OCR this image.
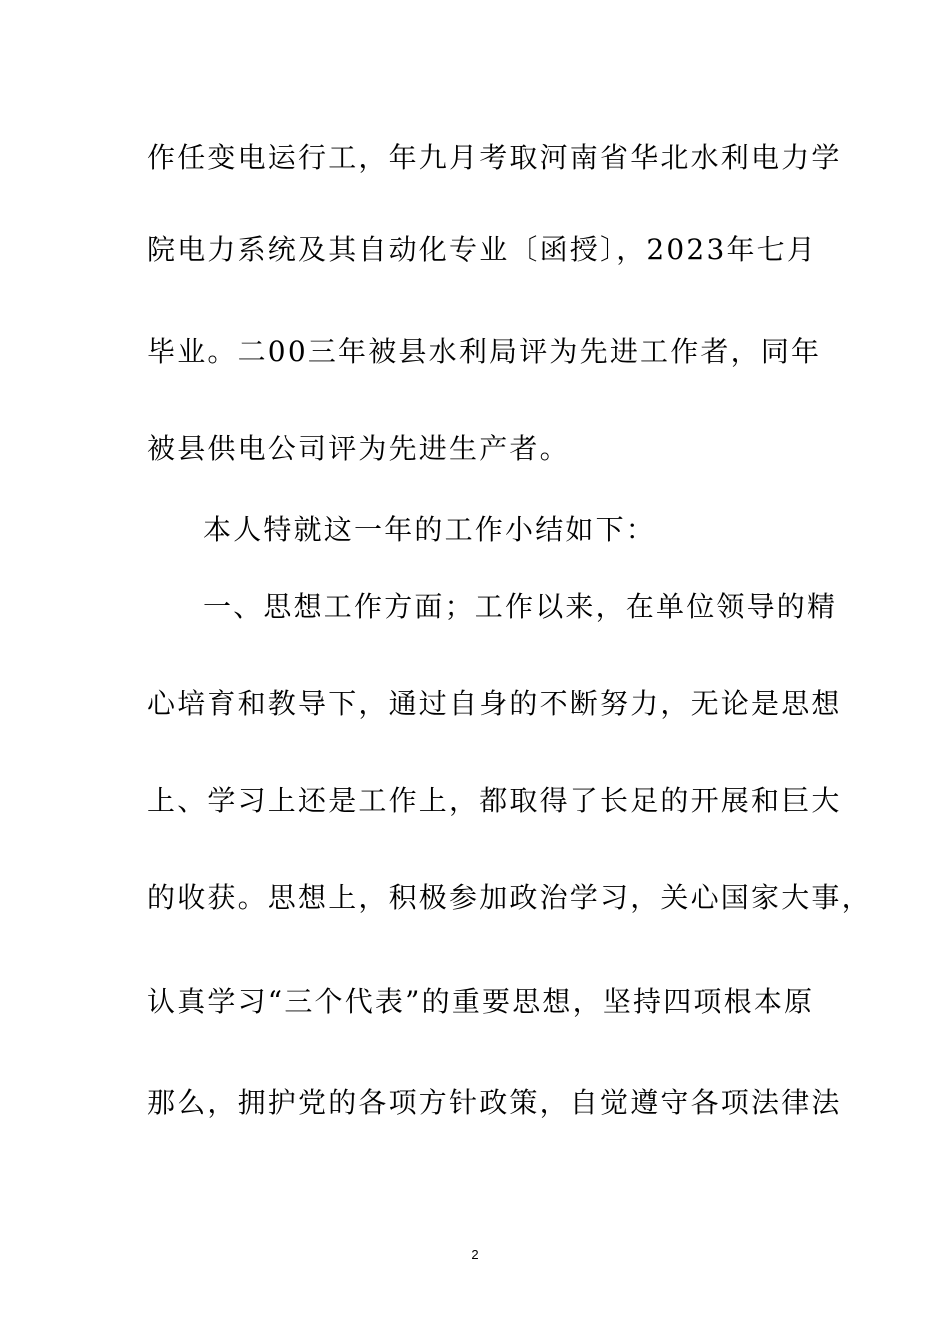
作任变电运行工，年九月考取河南省华北水利电力学
院电力系统及其自动化专业〔函授〕，2023年七月
毕业。二00三年被县水利局评为先进工作者，同年
被县供电公司评为先进生产者。
本人特就这一年的工作小结如下：
一、思想工作方面；工作以来，在单位领导的精
心培育和教导下，通过自身的不断努力，无论是思想
上、学习上还是工作上，都取得了长足的开展和巨大
的收获。思想上，积极参加政治学习，关心国家大事，
认真学习“三个代表”的重要思想，坚持四项根本原
那么，拥护党的各项方针政策，自觉遵守各项法律法
2
